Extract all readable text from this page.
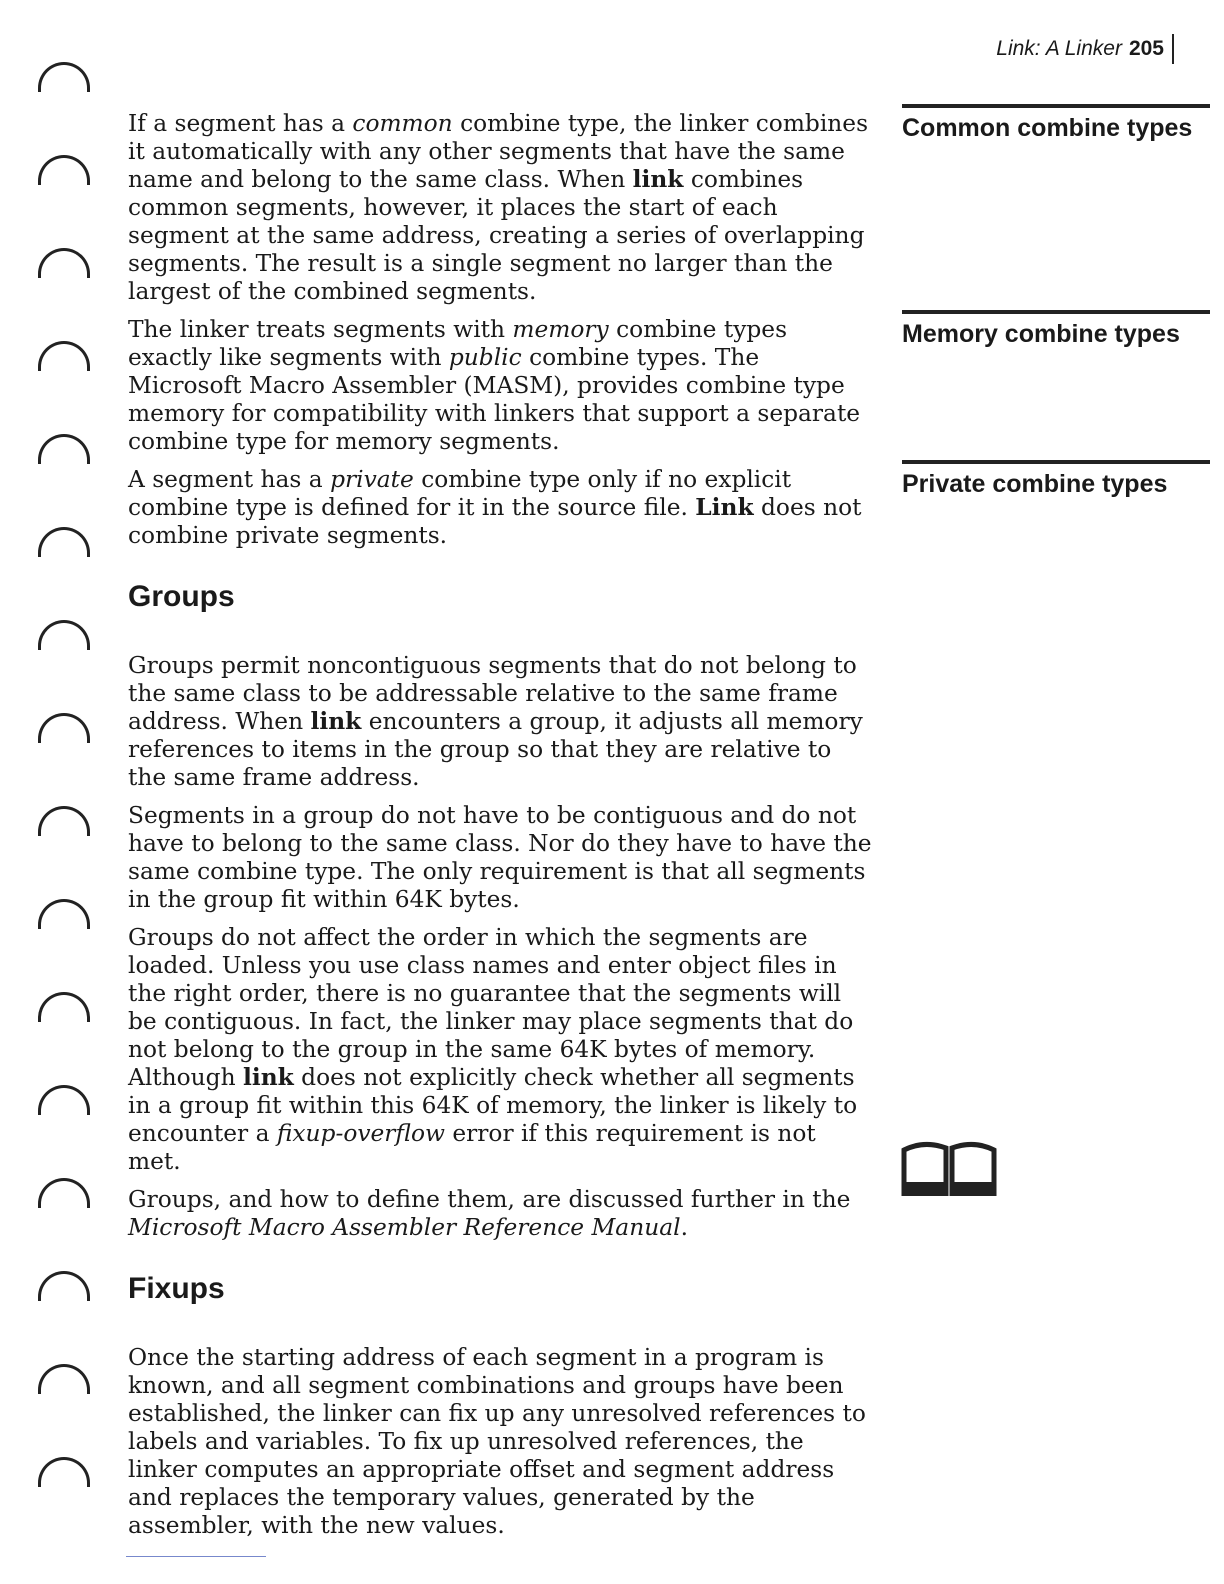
Link: A Linker 205
Common combine types
Memory combine types
Private combine types

If a segment has a common combine type, the linker combines it automatically with any other segments that have the same name and belong to the same class. When link combines common segments, however, it places the start of each segment at the same address, creating a series of overlapping segments. The result is a single segment no larger than the largest of the combined segments.

The linker treats segments with memory combine types exactly like segments with public combine types. The Microsoft Macro Assembler (MASM), provides combine type memory for compatibility with linkers that support a separate combine type for memory segments.

A segment has a private combine type only if no explicit combine type is defined for it in the source file. Link does not combine private segments.

Groups

Groups permit noncontiguous segments that do not belong to the same class to be addressable relative to the same frame address. When link encounters a group, it adjusts all memory references to items in the group so that they are relative to the same frame address.

Segments in a group do not have to be contiguous and do not have to belong to the same class. Nor do they have to have the same combine type. The only requirement is that all segments in the group fit within 64K bytes.

Groups do not affect the order in which the segments are loaded. Unless you use class names and enter object files in the right order, there is no guarantee that the segments will be contiguous. In fact, the linker may place segments that do not belong to the group in the same 64K bytes of memory. Although link does not explicitly check whether all segments in a group fit within this 64K of memory, the linker is likely to encounter a fixup-overflow error if this requirement is not met.

Groups, and how to define them, are discussed further in the Microsoft Macro Assembler Reference Manual.

Fixups

Once the starting address of each segment in a program is known, and all segment combinations and groups have been established, the linker can fix up any unresolved references to labels and variables. To fix up unresolved references, the linker computes an appropriate offset and segment address and replaces the temporary values, generated by the assembler, with the new values.
